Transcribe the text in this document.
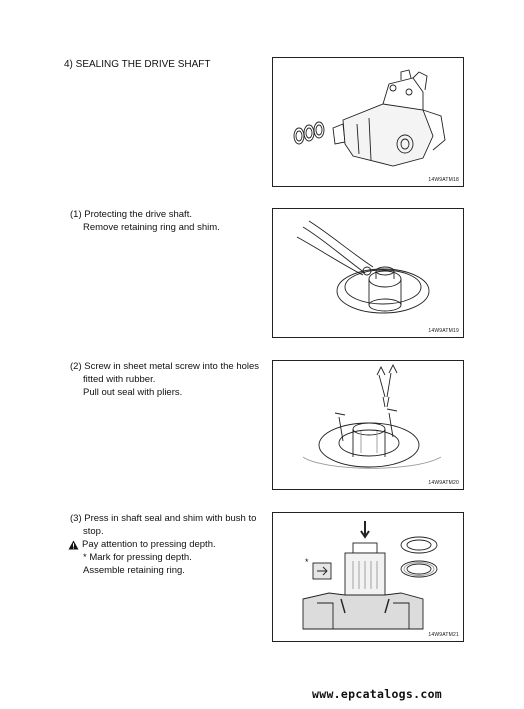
4) SEALING THE DRIVE SHAFT
14W9ATM18
(1) Protecting the drive shaft.
Remove retaining ring and shim.
14W9ATM19
(2) Screw in sheet metal screw into the holes
fitted with rubber.
Pull out seal with pliers.
14W9ATM20
(3) Press in shaft seal and shim with bush to
stop.
Pay attention to pressing depth.
* Mark for pressing depth.
Assemble retaining ring.
*
14W9ATM21
www.epcatalogs.com
